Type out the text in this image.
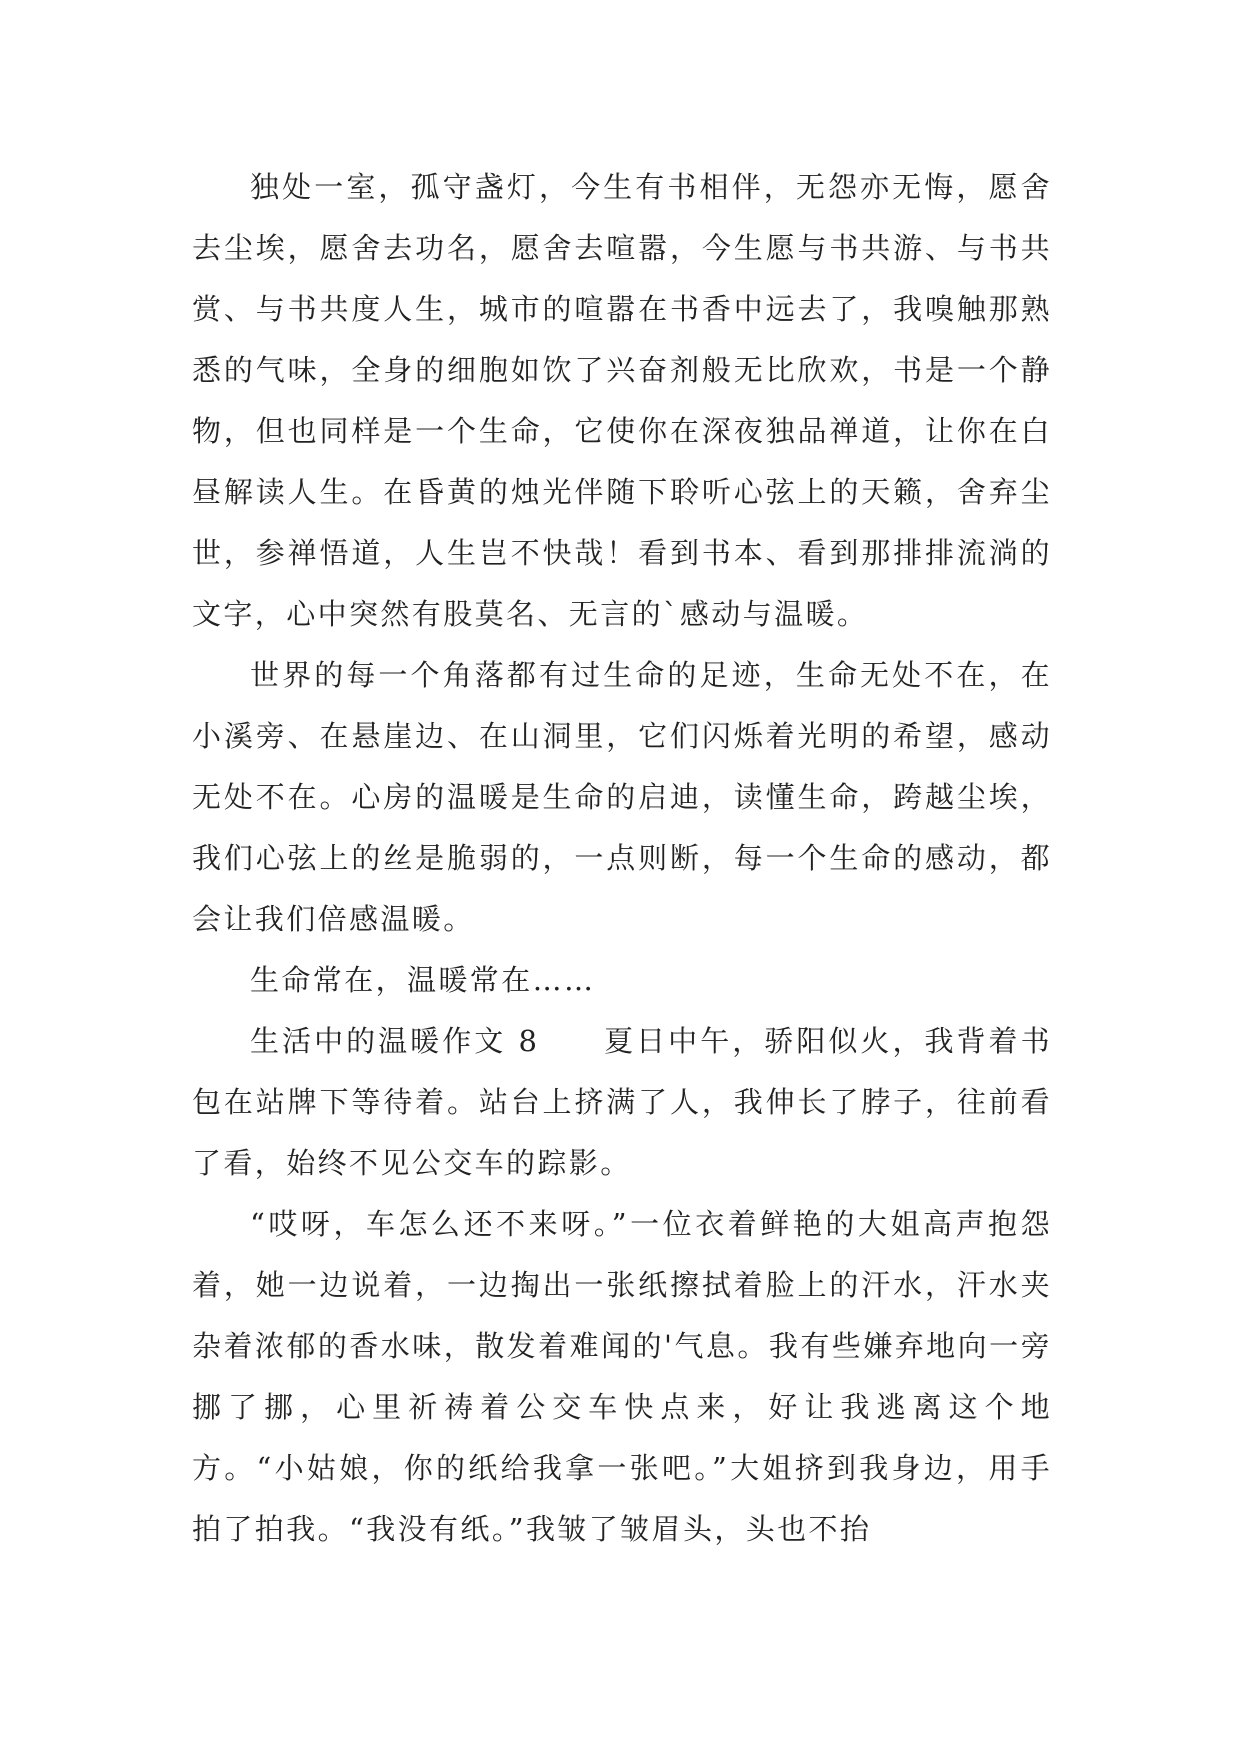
独处一室，孤守盏灯，今生有书相伴，无怨亦无悔，愿舍去尘埃，愿舍去功名，愿舍去喧嚣，今生愿与书共游、与书共赏、与书共度人生，城市的喧嚣在书香中远去了，我嗅触那熟悉的气味，全身的细胞如饮了兴奋剂般无比欣欢，书是一个静物，但也同样是一个生命，它使你在深夜独品禅道，让你在白昼解读人生。在昏黄的烛光伴随下聆听心弦上的天籁，舍弃尘世，参禅悟道，人生岂不快哉！看到书本、看到那排排流淌的文字，心中突然有股莫名、无言的`感动与温暖。

世界的每一个角落都有过生命的足迹，生命无处不在，在小溪旁、在悬崖边、在山洞里，它们闪烁着光明的希望，感动无处不在。心房的温暖是生命的启迪，读懂生命，跨越尘埃，我们心弦上的丝是脆弱的，一点则断，每一个生命的感动，都会让我们倍感温暖。

生命常在，温暖常在……

生活中的温暖作文 8　　夏日中午，骄阳似火，我背着书包在站牌下等待着。站台上挤满了人，我伸长了脖子，往前看了看，始终不见公交车的踪影。

“哎呀，车怎么还不来呀。”一位衣着鲜艳的大姐高声抱怨着，她一边说着，一边掏出一张纸擦拭着脸上的汗水，汗水夹杂着浓郁的香水味，散发着难闻的'气息。我有些嫌弃地向一旁挪了挪，心里祈祷着公交车快点来，好让我逃离这个地方。“小姑娘，你的纸给我拿一张吧。”大姐挤到我身边，用手拍了拍我。“我没有纸。”我皱了皱眉头，头也不抬
